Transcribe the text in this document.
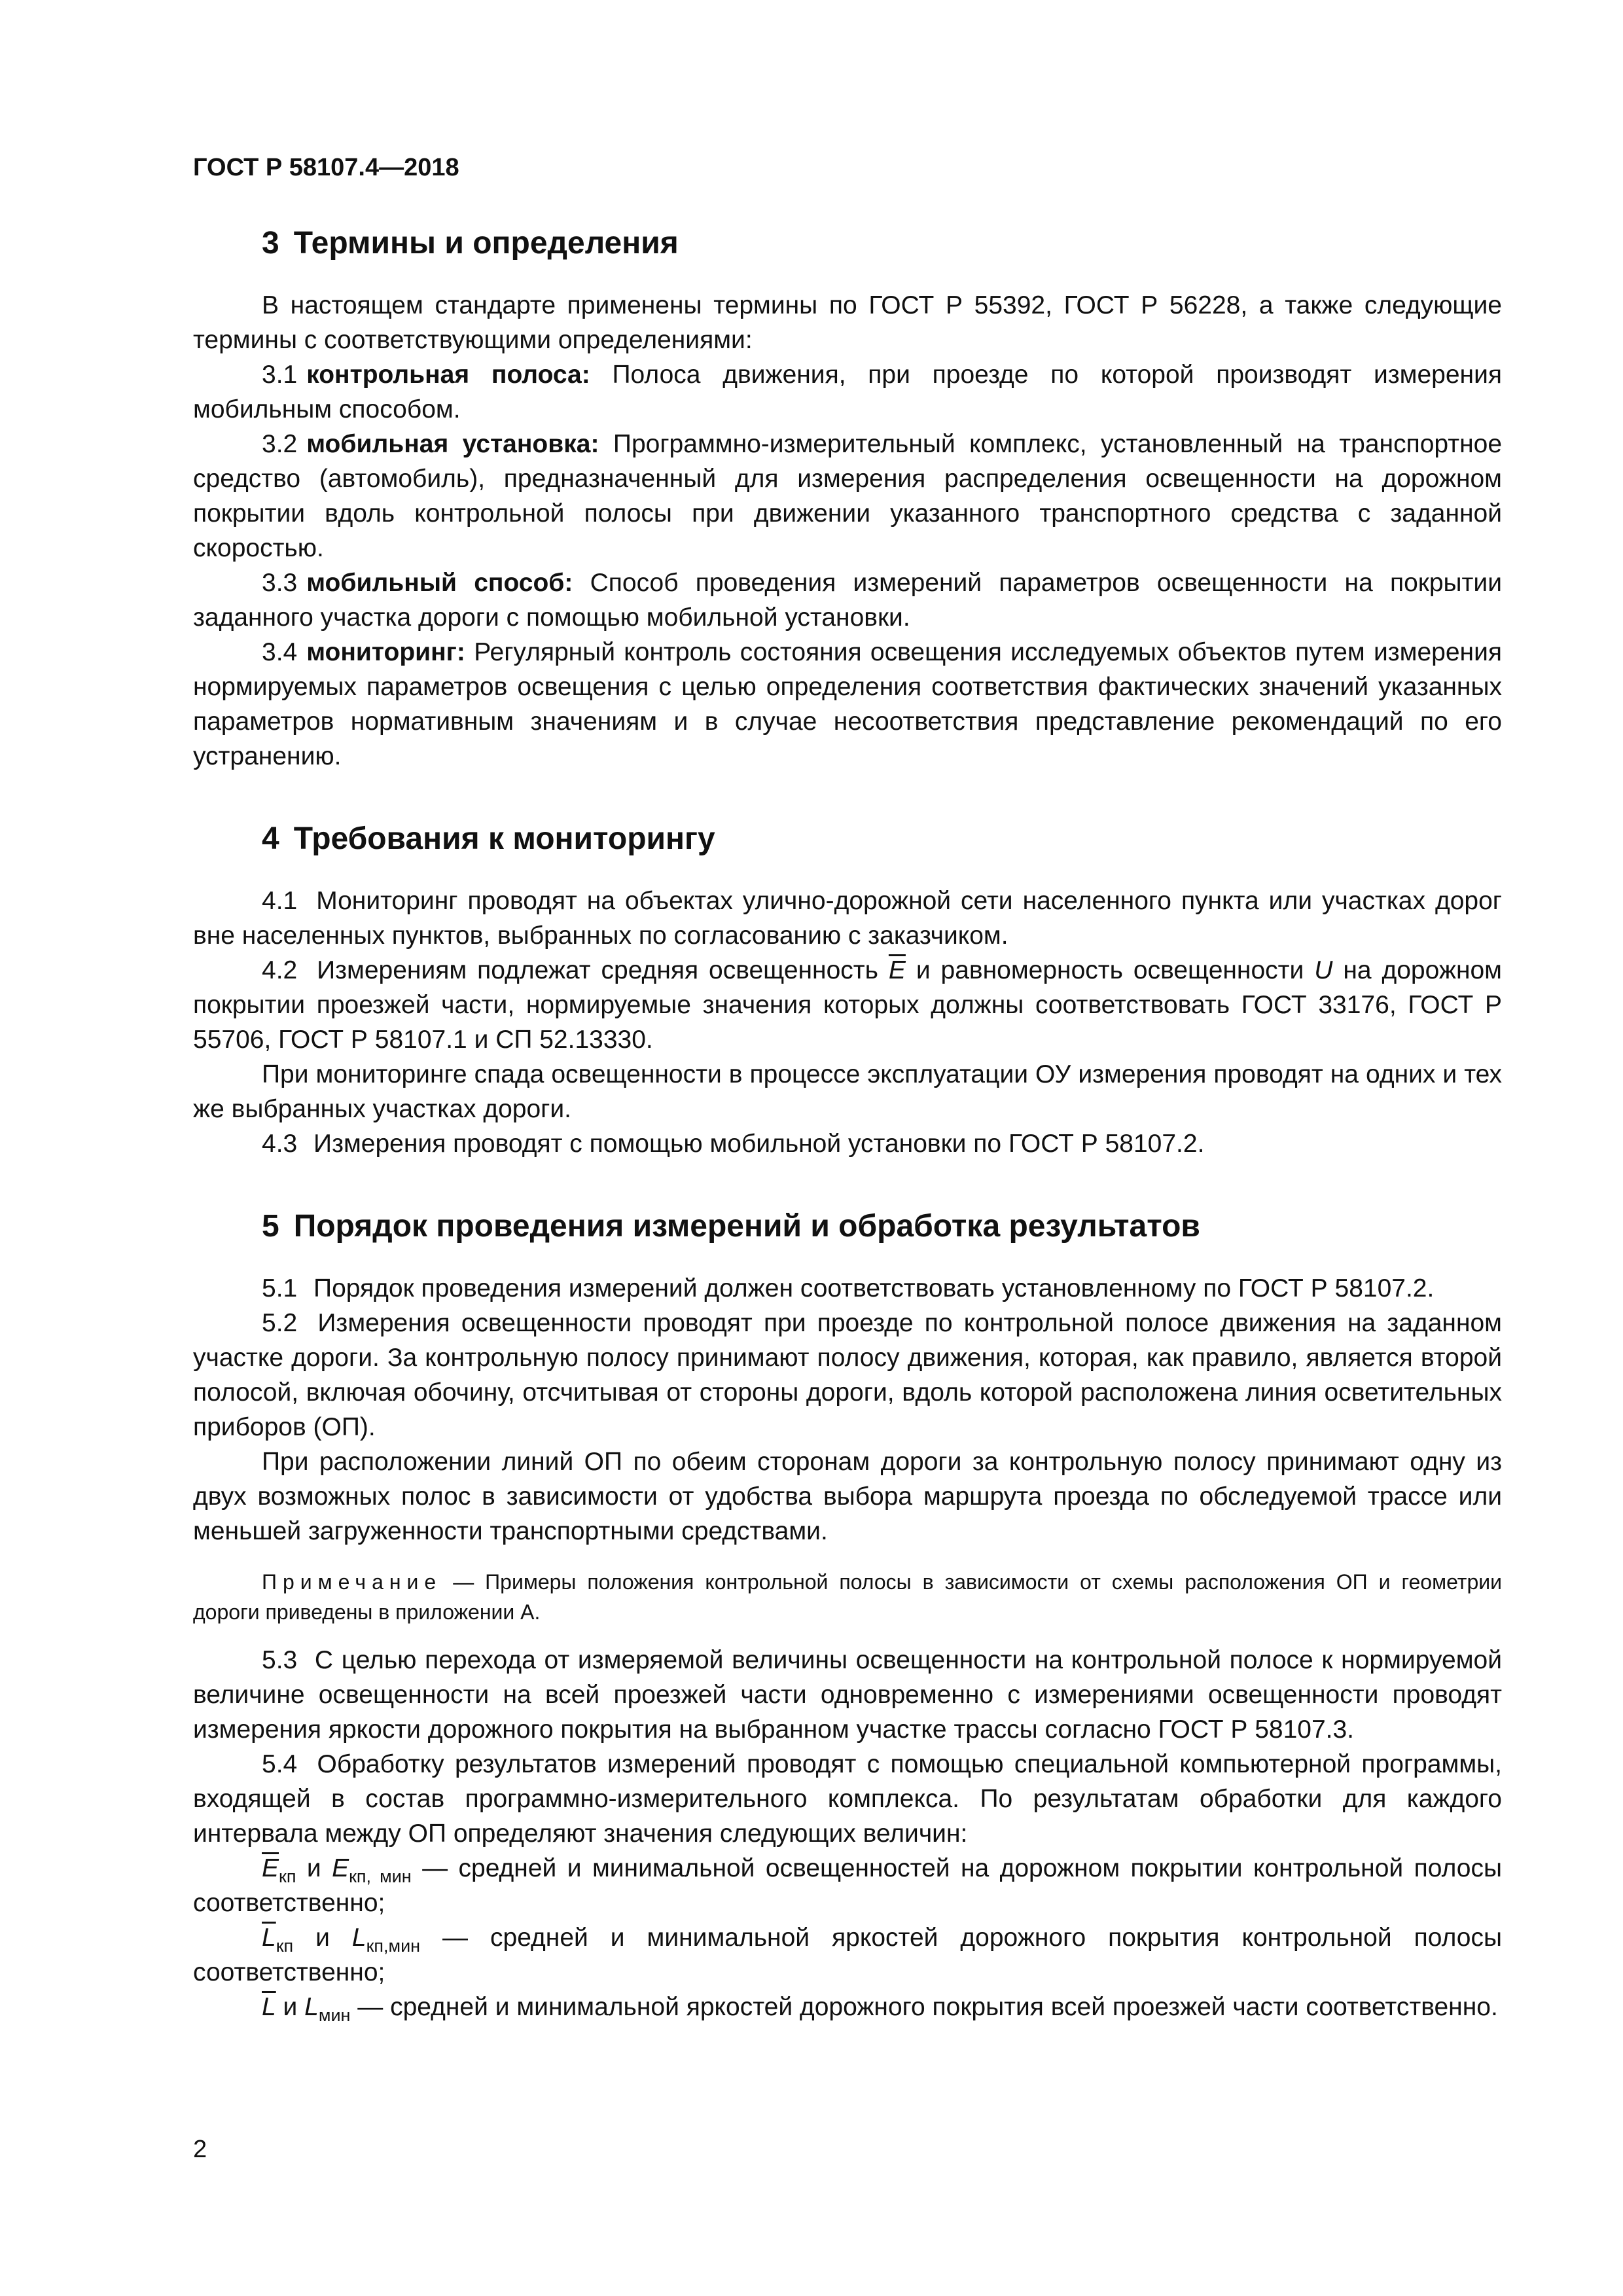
ГОСТ Р 58107.4—2018
3 Термины и определения

В настоящем стандарте применены термины по ГОСТ Р 55392, ГОСТ Р 56228, а также следующие термины с соответствующими определениями:

3.1 контрольная полоса: Полоса движения, при проезде по которой производят измерения мобильным способом.

3.2 мобильная установка: Программно-измерительный комплекс, установленный на транспортное средство (автомобиль), предназначенный для измерения распределения освещенности на дорожном покрытии вдоль контрольной полосы при движении указанного транспортного средства с заданной скоростью.

3.3 мобильный способ: Способ проведения измерений параметров освещенности на покрытии заданного участка дороги с помощью мобильной установки.

3.4 мониторинг: Регулярный контроль состояния освещения исследуемых объектов путем измерения нормируемых параметров освещения с целью определения соответствия фактических значений указанных параметров нормативным значениям и в случае несоответствия представление рекомендаций по его устранению.

4 Требования к мониторингу

4.1 Мониторинг проводят на объектах улично-дорожной сети населенного пункта или участках дорог вне населенных пунктов, выбранных по согласованию с заказчиком.

4.2 Измерениям подлежат средняя освещенность $\overline{E}$ и равномерность освещенности U на дорожном покрытии проезжей части, нормируемые значения которых должны соответствовать ГОСТ 33176, ГОСТ Р 55706, ГОСТ Р 58107.1 и СП 52.13330.

При мониторинге спада освещенности в процессе эксплуатации ОУ измерения проводят на одних и тех же выбранных участках дороги.

4.3 Измерения проводят с помощью мобильной установки по ГОСТ Р 58107.2.

5 Порядок проведения измерений и обработка результатов

5.1 Порядок проведения измерений должен соответствовать установленному по ГОСТ Р 58107.2.

5.2 Измерения освещенности проводят при проезде по контрольной полосе движения на заданном участке дороги. За контрольную полосу принимают полосу движения, которая, как правило, является второй полосой, включая обочину, отсчитывая от стороны дороги, вдоль которой расположена линия осветительных приборов (ОП).

При расположении линий ОП по обеим сторонам дороги за контрольную полосу принимают одну из двух возможных полос в зависимости от удобства выбора маршрута проезда по обследуемой трассе или меньшей загруженности транспортными средствами.

Примечание — Примеры положения контрольной полосы в зависимости от схемы расположения ОП и геометрии дороги приведены в приложении А.

5.3 С целью перехода от измеряемой величины освещенности на контрольной полосе к нормируемой величине освещенности на всей проезжей части одновременно с измерениями освещенности проводят измерения яркости дорожного покрытия на выбранном участке трассы согласно ГОСТ Р 58107.3.

5.4 Обработку результатов измерений проводят с помощью специальной компьютерной программы, входящей в состав программно-измерительного комплекса. По результатам обработки для каждого интервала между ОП определяют значения следующих величин:

$\overline{E}_{кп}$ и $E_{кп, мин}$ — средней и минимальной освещенностей на дорожном покрытии контрольной полосы соответственно;

$\overline{L}_{кп}$ и $L_{кп,мин}$ — средней и минимальной яркостей дорожного покрытия контрольной полосы соответственно;

$\overline{L}$ и $L_{мин}$ — средней и минимальной яркостей дорожного покрытия всей проезжей части соответственно.

2
